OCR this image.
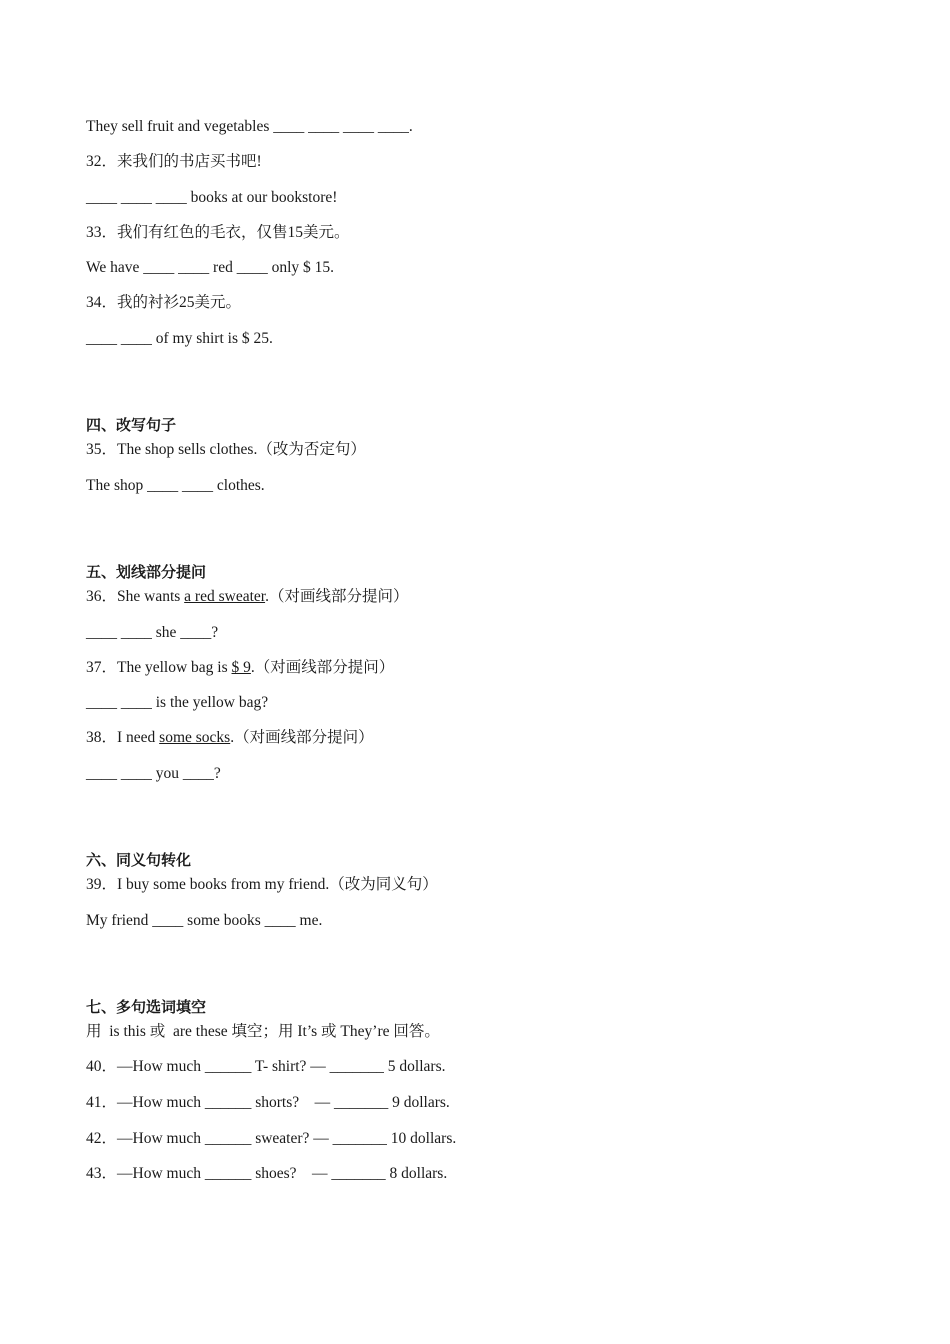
They sell fruit and vegetables ____ ____ ____ ____.
32．来我们的书店买书吧!
____ ____ ____ books at our bookstore!
33．我们有红色的毛衣，仅售15美元。
We have ____ ____ red ____ only $ 15.
34．我的衬衫25美元。
____ ____ of my shirt is $ 25.
四、改写句子
35．The shop sells clothes.（改为否定句）
The shop ____ ____ clothes.
五、划线部分提问
36．She wants a red sweater.（对画线部分提问）
____ ____ she ____?
37．The yellow bag is $ 9.（对画线部分提问）
____ ____ is the yellow bag?
38．I need some socks.（对画线部分提问）
____ ____ you ____?
六、同义句转化
39．I buy some books from my friend.（改为同义句）
My friend ____ some books ____ me.
七、多句选词填空
用  is this 或  are these 填空；用 It’s 或 They’re 回答。
40．—How much ______ T- shirt? — _______ 5 dollars.
41．—How much ______ shorts?    — _______ 9 dollars.
42．—How much ______ sweater? — _______ 10 dollars.
43．—How much ______ shoes?    — _______ 8 dollars.
